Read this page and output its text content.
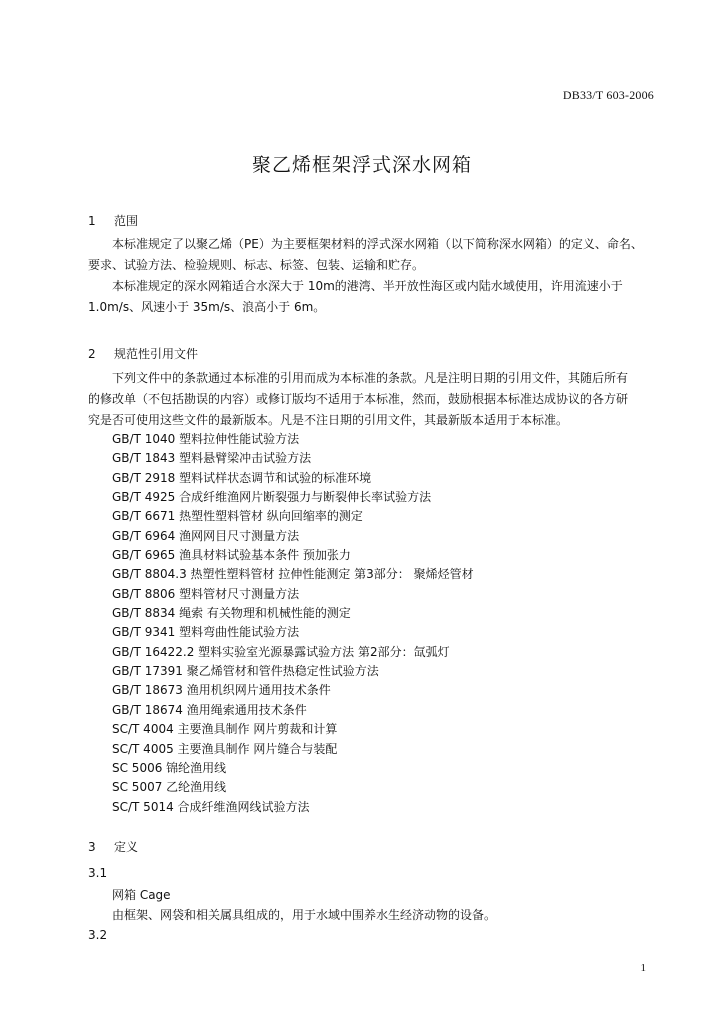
DB33/T 603-2006
聚乙烯框架浮式深水网箱
1 范围
本标准规定了以聚乙烯（PE）为主要框架材料的浮式深水网箱（以下简称深水网箱）的定义、命名、
要求、试验方法、检验规则、标志、标签、包装、运输和贮存。
本标准规定的深水网箱适合水深大于 10m的港湾、半开放性海区或内陆水域使用，许用流速小于
1.0m/s、风速小于 35m/s、浪高小于 6m。
2 规范性引用文件
下列文件中的条款通过本标准的引用而成为本标准的条款。凡是注明日期的引用文件，其随后所有
的修改单（不包括勘误的内容）或修订版均不适用于本标准，然而，鼓励根据本标准达成协议的各方研
究是否可使用这些文件的最新版本。凡是不注日期的引用文件，其最新版本适用于本标准。
GB/T 1040 塑料拉伸性能试验方法
GB/T 1843 塑料悬臂梁冲击试验方法
GB/T 2918 塑料试样状态调节和试验的标准环境
GB/T 4925 合成纤维渔网片断裂强力与断裂伸长率试验方法
GB/T 6671 热塑性塑料管材 纵向回缩率的测定
GB/T 6964 渔网网目尺寸测量方法
GB/T 6965 渔具材料试验基本条件 预加张力
GB/T 8804.3 热塑性塑料管材 拉伸性能测定 第3部分： 聚烯烃管材
GB/T 8806 塑料管材尺寸测量方法
GB/T 8834 绳索 有关物理和机械性能的测定
GB/T 9341 塑料弯曲性能试验方法
GB/T 16422.2 塑料实验室光源暴露试验方法 第2部分：氙弧灯
GB/T 17391 聚乙烯管材和管件热稳定性试验方法
GB/T 18673 渔用机织网片通用技术条件
GB/T 18674 渔用绳索通用技术条件
SC/T 4004 主要渔具制作 网片剪裁和计算
SC/T 4005 主要渔具制作 网片缝合与装配
SC 5006 锦纶渔用线
SC 5007 乙纶渔用线
SC/T 5014 合成纤维渔网线试验方法
3 定义
3.1
网箱 Cage
由框架、网袋和相关属具组成的，用于水域中围养水生经济动物的设备。
3.2
1
